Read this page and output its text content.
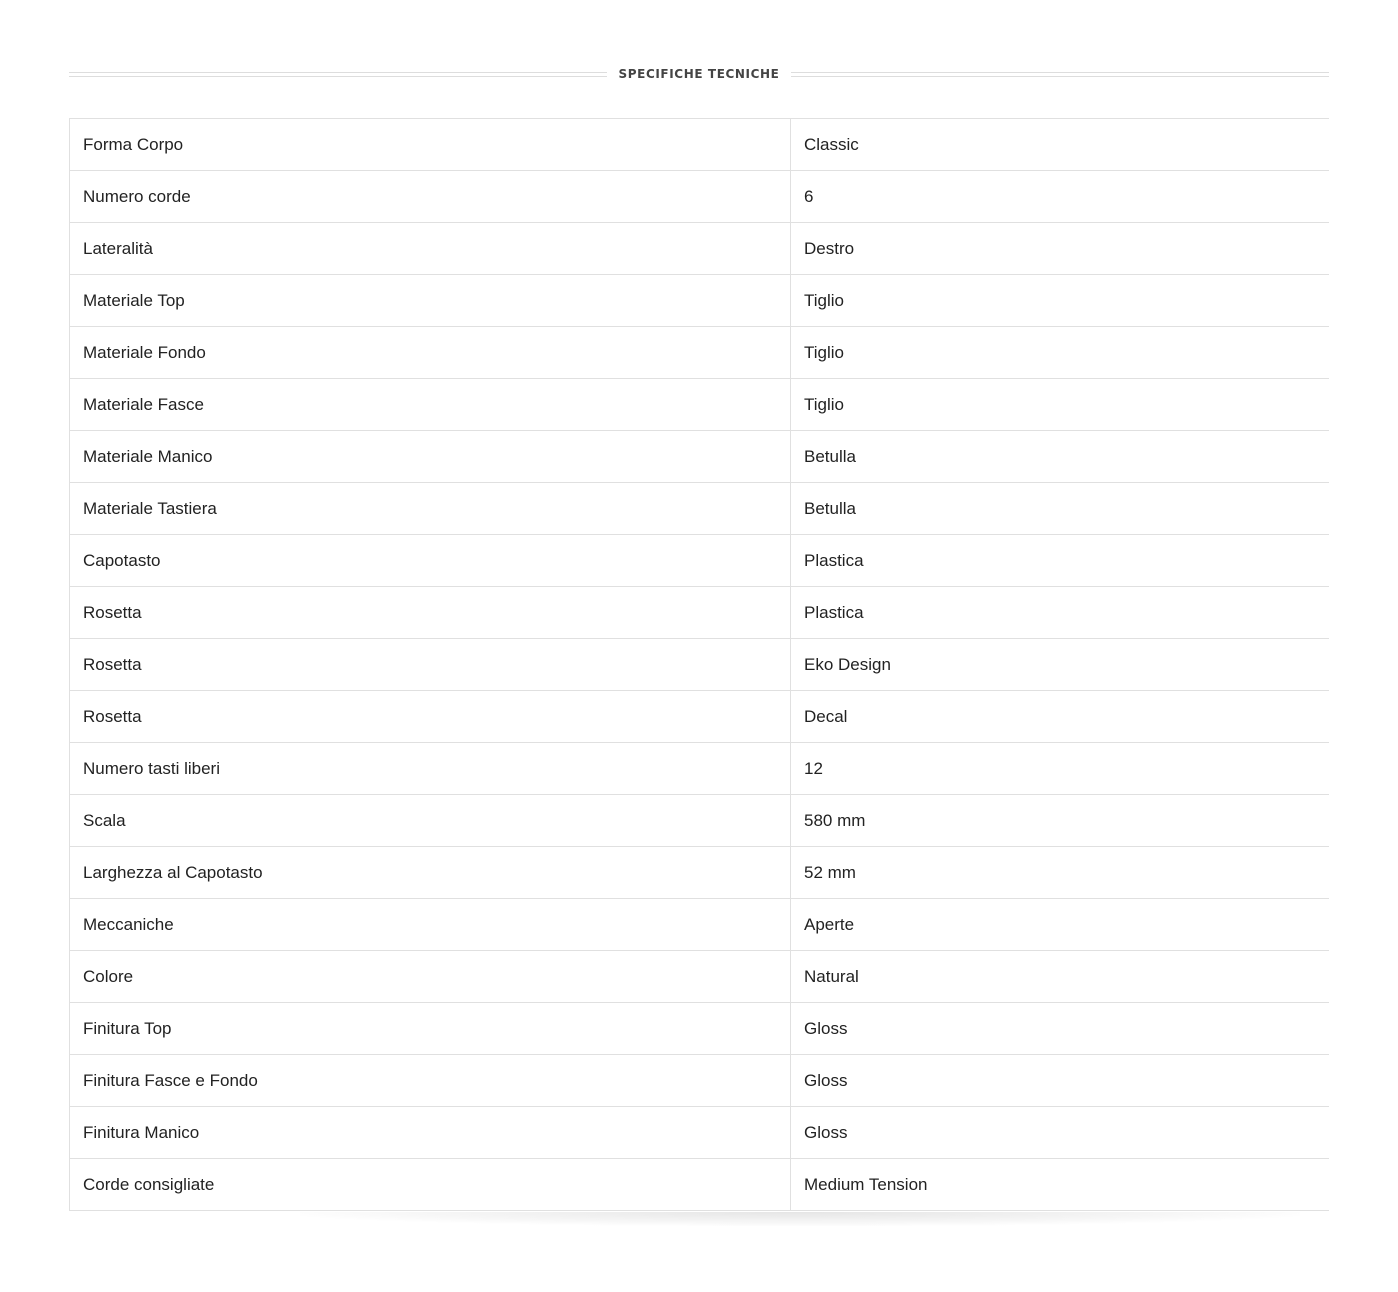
SPECIFICHE TECNICHE
Forma Corpo	Classic
Numero corde	6
Lateralità	Destro
Materiale Top	Tiglio
Materiale Fondo	Tiglio
Materiale Fasce	Tiglio
Materiale Manico	Betulla
Materiale Tastiera	Betulla
Capotasto	Plastica
Rosetta	Plastica
Rosetta	Eko Design
Rosetta	Decal
Numero tasti liberi	12
Scala	580 mm
Larghezza al Capotasto	52 mm
Meccaniche	Aperte
Colore	Natural
Finitura Top	Gloss
Finitura Fasce e Fondo	Gloss
Finitura Manico	Gloss
Corde consigliate	Medium Tension
